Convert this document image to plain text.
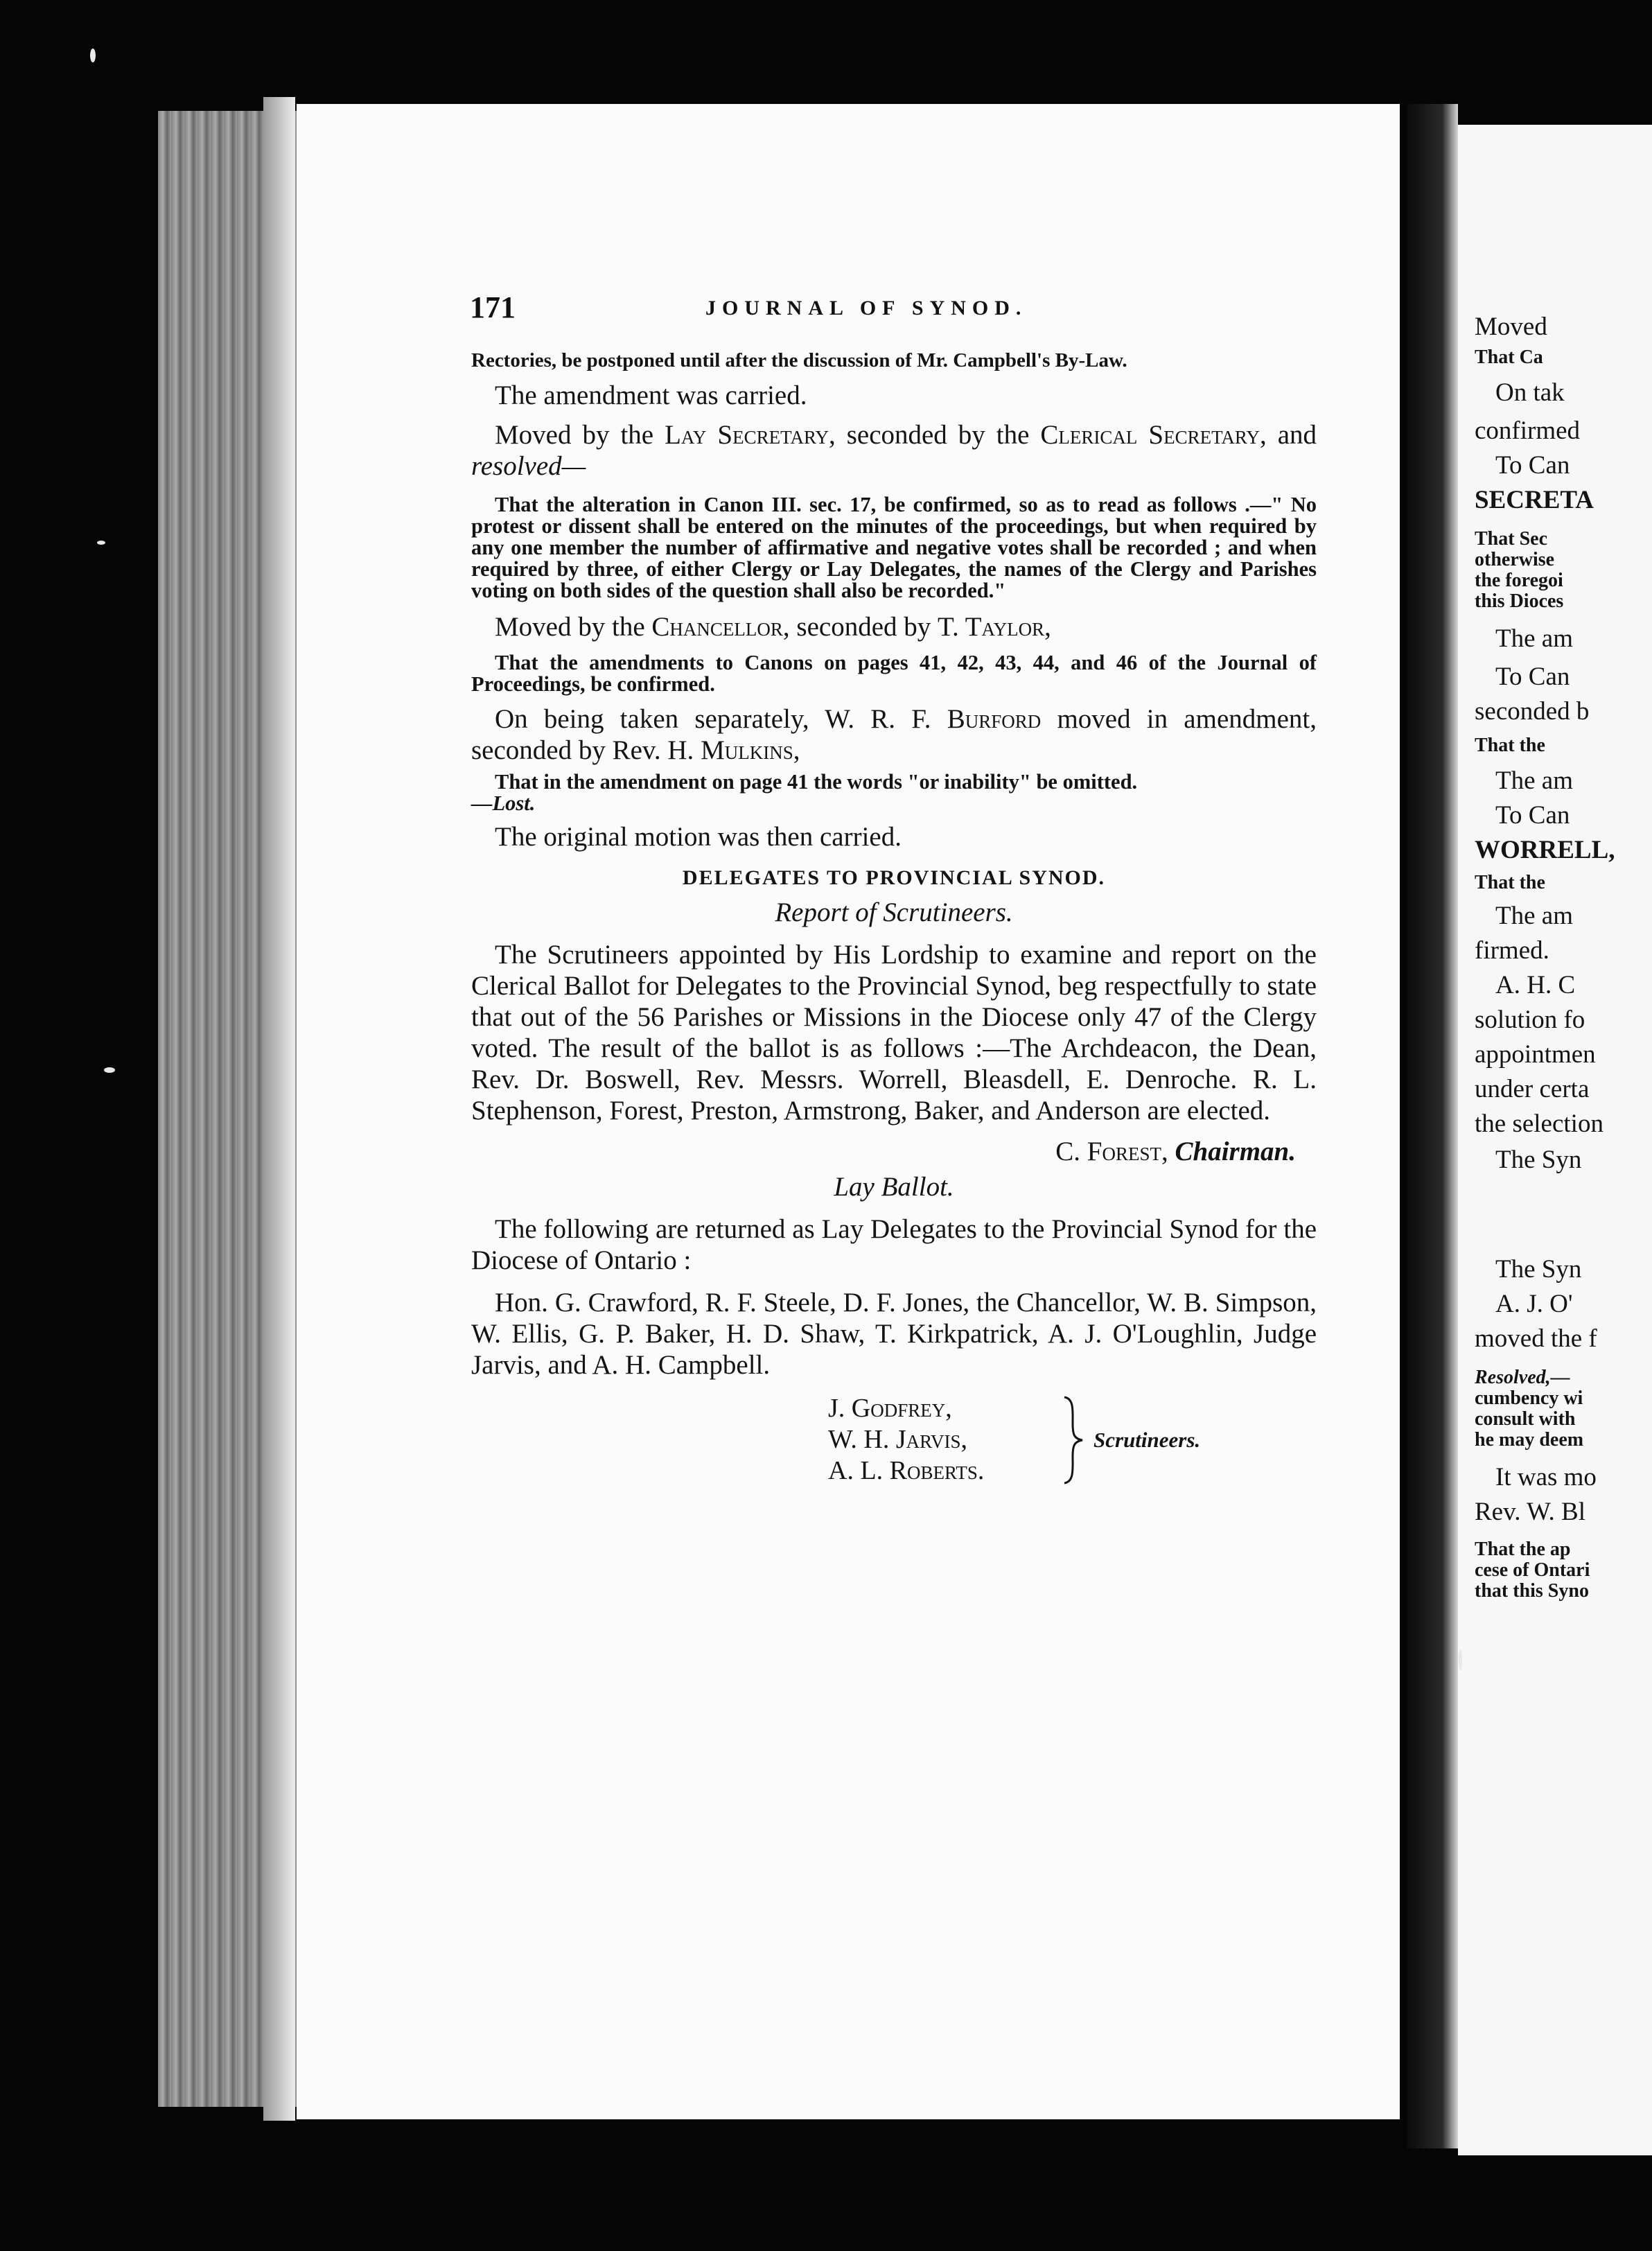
Moved
That Ca
On tak
confirmed
To Can
SECRETA
That Sec
otherwise
the foregoi
this Dioces
The am
To Can
seconded b
That the
The am
To Can
WORRELL,
That the
The am
firmed.
A. H. C
solution fo
appointmen
under certa
the selection
The Syn
The Syn
A. J. O'
moved the f
Resolved,—
cumbency wi
consult with
he may deem
It was mo
Rev. W. Bl
That the ap
cese of Ontari
that this Syno
171	JOURNAL OF SYNOD.

Rectories, be postponed until after the discussion of Mr. Campbell's By-Law.

The amendment was carried.

Moved by the Lay Secretary, seconded by the Clerical Secretary, and resolved—

That the alteration in Canon III. sec. 17, be confirmed, so as to read as follows .—" No protest or dissent shall be entered on the minutes of the proceedings, but when required by any one member the number of affirmative and negative votes shall be recorded ; and when required by three, of either Clergy or Lay Delegates, the names of the Clergy and Parishes voting on both sides of the question shall also be recorded."

Moved by the Chancellor, seconded by T. Taylor,

That the amendments to Canons on pages 41, 42, 43, 44, and 46 of the Journal of Proceedings, be confirmed.

On being taken separately, W. R. F. Burford moved in amendment, seconded by Rev. H. Mulkins,

That in the amendment on page 41 the words "or inability" be omitted.
—Lost.

The original motion was then carried.

DELEGATES TO PROVINCIAL SYNOD.

Report of Scrutineers.

The Scrutineers appointed by His Lordship to examine and report on the Clerical Ballot for Delegates to the Provincial Synod, beg respectfully to state that out of the 56 Parishes or Missions in the Diocese only 47 of the Clergy voted. The result of the ballot is as follows :—The Archdeacon, the Dean, Rev. Dr. Boswell, Rev. Messrs. Worrell, Bleasdell, E. Denroche. R. L. Stephenson, Forest, Preston, Armstrong, Baker, and Anderson are elected.

C. Forest, Chairman.

Lay Ballot.

The following are returned as Lay Delegates to the Provincial Synod for the Diocese of Ontario :

Hon. G. Crawford, R. F. Steele, D. F. Jones, the Chancellor, W. B. Simpson, W. Ellis, G. P. Baker, H. D. Shaw, T. Kirkpatrick, A. J. O'Loughlin, Judge Jarvis, and A. H. Campbell.

J. Godfrey,
W. H. Jarvis,
A. L. Roberts.
Scrutineers.
